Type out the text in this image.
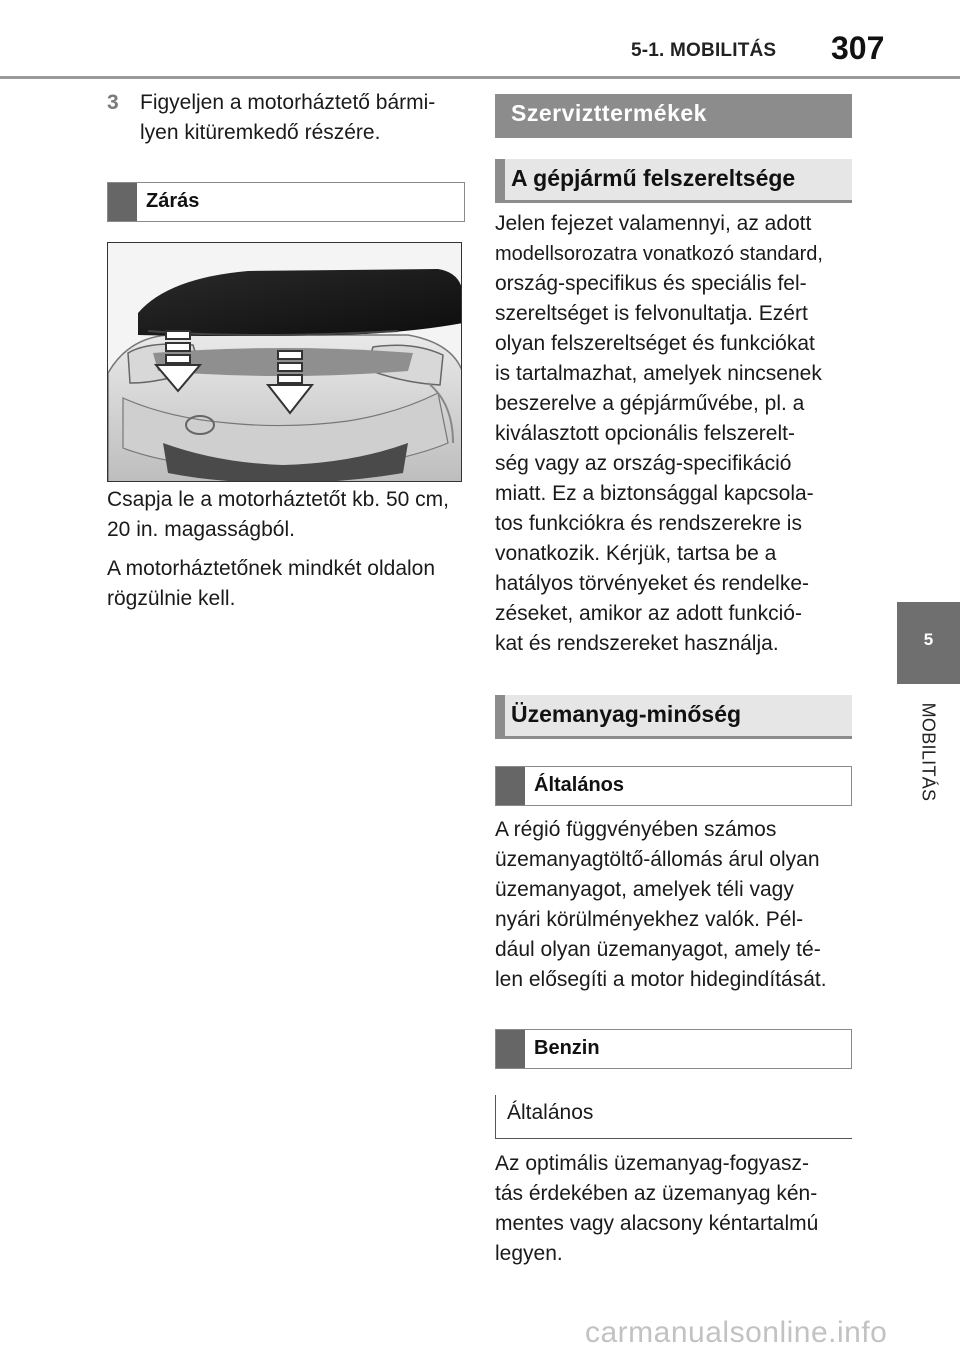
5-1. MOBILITÁS 307
5
MOBILITÁS
3 Figyeljen a motorháztető bármi-

lyen kitüremkedő részére.

Zárás

Csapja le a motorháztetőt kb. 50 cm,

20 in. magasságból.

A motorháztetőnek mindkét oldalon

rögzülnie kell.

Szervizttermékek
A gépjármű felszereltsége

Jelen fejezet valamennyi, az adott

modellsorozatra vonatkozó standard,

ország-specifikus és speciális fel-

szereltséget is felvonultatja. Ezért

olyan felszereltséget és funkciókat

is tartalmazhat, amelyek nincsenek

beszerelve a gépjárművébe, pl. a

kiválasztott opcionális felszerelt-

ség vagy az ország-specifikáció

miatt. Ez a biztonsággal kapcsola-

tos funkciókra és rendszerekre is

vonatkozik. Kérjük, tartsa be a

hatályos törvényeket és rendelke-

zéseket, amikor az adott funkció-

kat és rendszereket használja.

Üzemanyag-minőség
Általános

A régió függvényében számos

üzemanyagtöltő-állomás árul olyan

üzemanyagot, amelyek téli vagy

nyári körülményekhez valók. Pél-

dául olyan üzemanyagot, amely té-

len elősegíti a motor hidegindítását.

Benzin
Általános

Az optimális üzemanyag-fogyasz-

tás érdekében az üzemanyag kén-

mentes vagy alacsony kéntartalmú

legyen.

carmanualsonline.info
